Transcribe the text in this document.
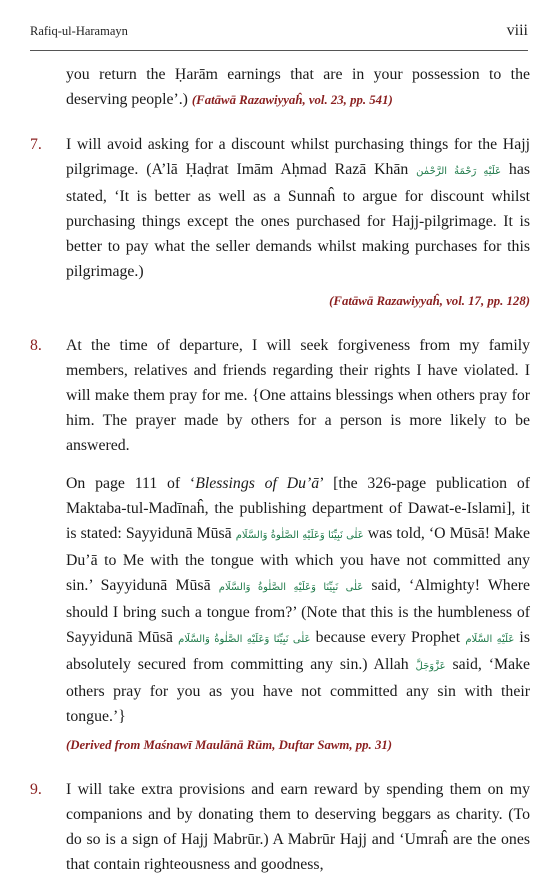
Rafiq-ul-Haramayn	viii

you return the Ḥarām earnings that are in your possession to the deserving people’.) (Fatāwā Razawiyyaĥ, vol. 23, pp. 541)

7.	I will avoid asking for a discount whilst purchasing things for the Hajj pilgrimage. (A’lā Ḥaḍrat Imām Aḥmad Razā Khān عَلَيْهِ رَحْمَةُ الرَّحْمٰن has stated, ‘It is better as well as a Sunnaĥ to argue for discount whilst purchasing things except the ones purchased for Hajj-pilgrimage. It is better to pay what the seller demands whilst making purchases for this pilgrimage.)

(Fatāwā Razawiyyaĥ, vol. 17, pp. 128)

8.	At the time of departure, I will seek forgiveness from my family members, relatives and friends regarding their rights I have violated. I will make them pray for me. {One attains blessings when others pray for him. The prayer made by others for a person is more likely to be answered.

On page 111 of ‘Blessings of Du’ā’ [the 326-page publication of Maktaba-tul-Madīnaĥ, the publishing department of Dawat-e-Islami], it is stated: Sayyidunā Mūsā عَلٰی نَبِیِّنَا وَعَلَيْهِ الصَّلٰوةُ وَالسَّلَام was told, ‘O Mūsā! Make Du’ā to Me with the tongue with which you have not committed any sin.’ Sayyidunā Mūsā عَلٰی نَبِیِّنَا وَعَلَيْهِ الصَّلٰوةُ وَالسَّلَام said, ‘Almighty! Where should I bring such a tongue from?’ (Note that this is the humbleness of Sayyidunā Mūsā عَلٰی نَبِیِّنَا وَعَلَيْهِ الصَّلٰوةُ وَالسَّلَام because every Prophet عَلَيْهِ السَّلَام is absolutely secured from committing any sin.) Allah عَزَّوَجَلَّ said, ‘Make others pray for you as you have not committed any sin with their tongue.’}

(Derived from Maśnawī Maulānā Rūm, Duftar Sawm, pp. 31)

9.	I will take extra provisions and earn reward by spending them on my companions and by donating them to deserving beggars as charity. (To do so is a sign of Hajj Mabrūr.) A Mabrūr Hajj and ‘Umraĥ are the ones that contain righteousness and goodness,
